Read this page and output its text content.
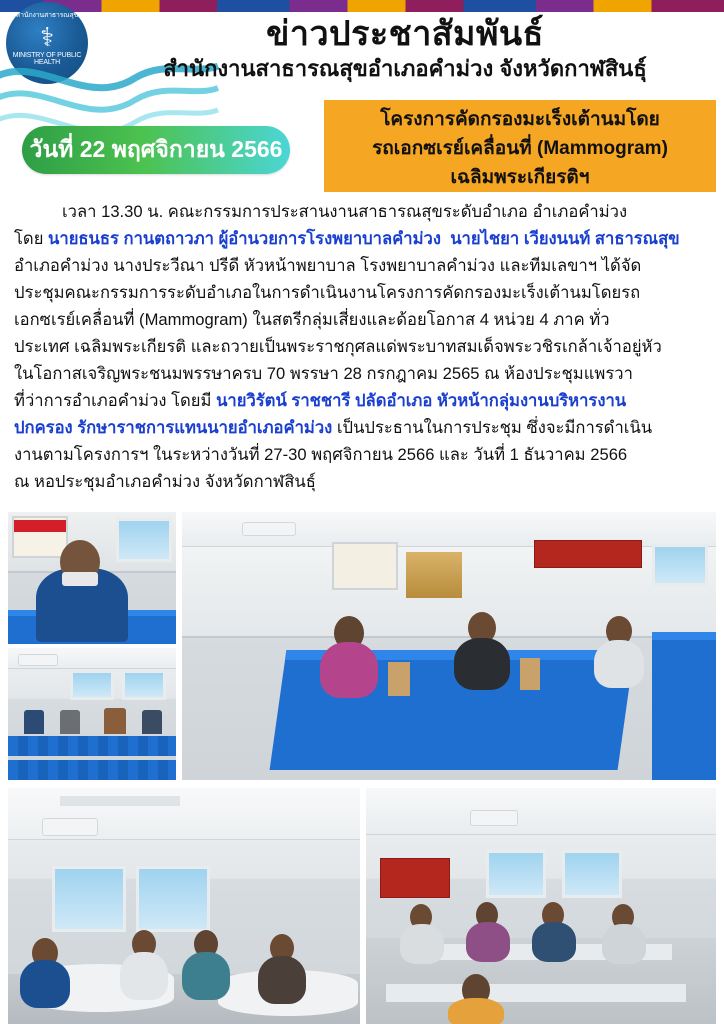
สำนักงานสาธารณสุข
⚕
MINISTRY OF PUBLIC HEALTH
ข่าวประชาสัมพันธ์
สำนักงานสาธารณสุขอำเภอคำม่วง จังหวัดกาฬสินธุ์
วันที่ 22 พฤศจิกายน 2566
โครงการคัดกรองมะเร็งเต้านมโดย
รถเอกซเรย์เคลื่อนที่ (Mammogram)
เฉลิมพระเกียรติฯ
เวลา 13.30 น. คณะกรรมการประสานงานสาธารณสุขระดับอำเภอ อำเภอคำม่วง
โดย นายธนธร กานตถาวภา ผู้อำนวยการโรงพยาบาลคำม่วง นายไชยา เวียงนนท์ สาธารณสุข
อำเภอคำม่วง นางประวีณา ปรีดี หัวหน้าพยาบาล โรงพยาบาลคำม่วง และทีมเลขาฯ ได้จัด
ประชุมคณะกรรมการระดับอำเภอในการดำเนินงานโครงการคัดกรองมะเร็งเต้านมโดยรถ
เอกซเรย์เคลื่อนที่ (Mammogram) ในสตรีกลุ่มเสี่ยงและด้อยโอกาส 4 หน่วย 4 ภาค ทั่ว
ประเทศ เฉลิมพระเกียรติ และถวายเป็นพระราชกุศลแด่พระบาทสมเด็จพระวชิรเกล้าเจ้าอยู่หัว
ในโอกาสเจริญพระชนมพรรษาครบ 70 พรรษา 28 กรกฎาคม 2565 ณ ห้องประชุมแพรวา
ที่ว่าการอำเภอคำม่วง โดยมี นายวิรัตน์ ราชชารี ปลัดอำเภอ หัวหน้ากลุ่มงานบริหารงาน
ปกครอง รักษาราชการแทนนายอำเภอคำม่วง เป็นประธานในการประชุม ซึ่งจะมีการดำเนิน
งานตามโครงการฯ ในระหว่างวันที่ 27-30 พฤศจิกายน 2566 และ วันที่ 1 ธันวาคม 2566
ณ หอประชุมอำเภอคำม่วง จังหวัดกาฬสินธุ์
